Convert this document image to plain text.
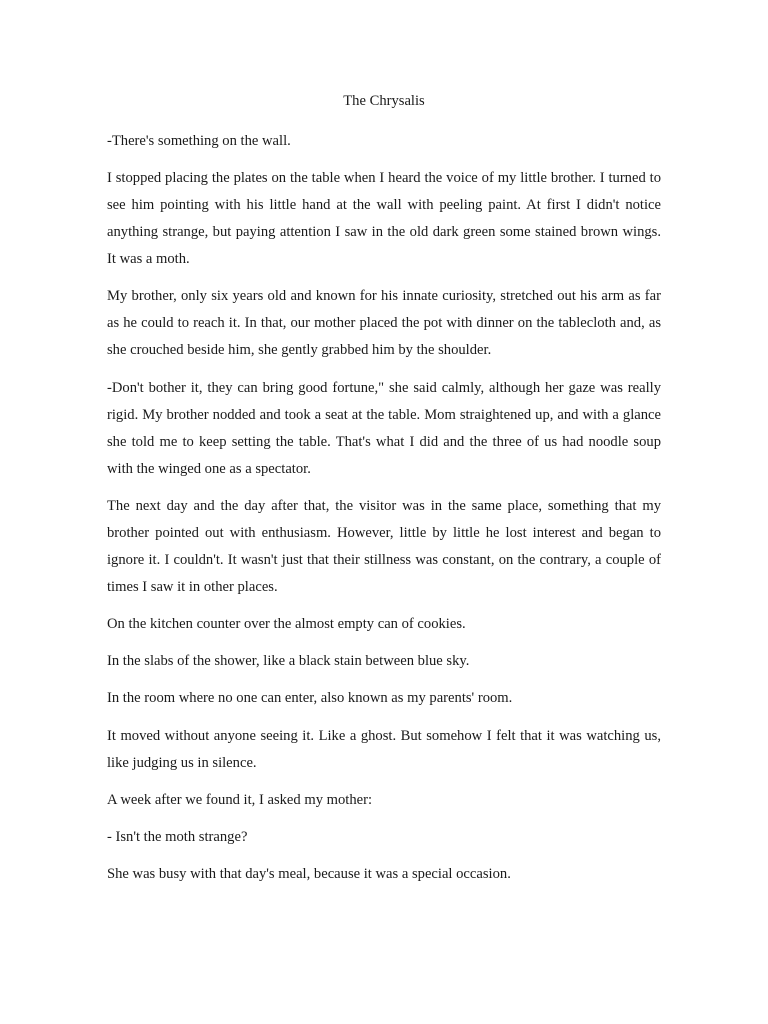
The Chrysalis

-There's something on the wall.

I stopped placing the plates on the table when I heard the voice of my little brother. I turned to see him pointing with his little hand at the wall with peeling paint. At first I didn't notice anything strange, but paying attention I saw in the old dark green some stained brown wings. It was a moth.

My brother, only six years old and known for his innate curiosity, stretched out his arm as far as he could to reach it. In that, our mother placed the pot with dinner on the tablecloth and, as she crouched beside him, she gently grabbed him by the shoulder.

-Don't bother it, they can bring good fortune," she said calmly, although her gaze was really rigid. My brother nodded and took a seat at the table. Mom straightened up, and with a glance she told me to keep setting the table. That's what I did and the three of us had noodle soup with the winged one as a spectator.

The next day and the day after that, the visitor was in the same place, something that my brother pointed out with enthusiasm. However, little by little he lost interest and began to ignore it. I couldn't. It wasn't just that their stillness was constant, on the contrary, a couple of times I saw it in other places.

On the kitchen counter over the almost empty can of cookies.

In the slabs of the shower, like a black stain between blue sky.

In the room where no one can enter, also known as my parents' room.

It moved without anyone seeing it. Like a ghost. But somehow I felt that it was watching us, like judging us in silence.

A week after we found it, I asked my mother:

- Isn't the moth strange?

She was busy with that day's meal, because it was a special occasion.
